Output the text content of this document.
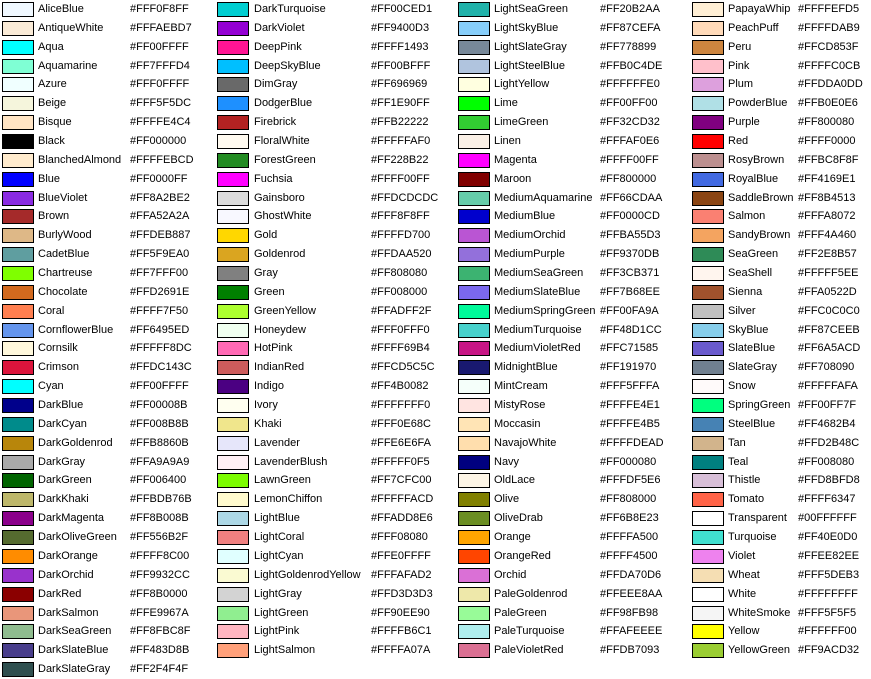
AliceBlue	#FFF0F8FF
AntiqueWhite #FFFAEBD7
Aqua	#FF00FFFF
Aquamarine	#FF7FFFD4
Azure	#FFF0FFFF
Beige	#FFF5F5DC
Bisque	#FFFFE4C4
Black	#FF000000
BlanchedAlmond #FFFFEBCD
Blue	#FF0000FF
BlueViolet	#FF8A2BE2
Brown	#FFA52A2A
BurlyWood	#FFDEB887
CadetBlue	#FF5F9EA0
Chartreuse	#FF7FFF00
Chocolate	#FFD2691E
Coral	#FFFF7F50
CornflowerBlue #FF6495ED
Cornsilk	#FFFFF8DC
Crimson	#FFDC143C
Cyan	#FF00FFFF
DarkBlue	#FF00008B
DarkCyan	#FF008B8B
DarkGoldenrod #FFB8860B
DarkGray	#FFA9A9A9
DarkGreen	#FF006400
DarkKhaki	#FFBDB76B
DarkMagenta #FF8B008B
DarkOliveGreen #FF556B2F
DarkOrange	#FFFF8C00
DarkOrchid	#FF9932CC
DarkRed	#FF8B0000
DarkSalmon	#FFE9967A
DarkSeaGreen #FF8FBC8F
DarkSlateBlue #FF483D8B
DarkSlateGray #FF2F4F4F
DarkTurquoise	#FF00CED1
DarkViolet	#FF9400D3
DeepPink	#FFFF1493
DeepSkyBlue	#FF00BFFF
DimGray	#FF696969
DodgerBlue	#FF1E90FF
Firebrick	#FFB22222
FloralWhite	#FFFFFAF0
ForestGreen	#FF228B22
Fuchsia	#FFFF00FF
Gainsboro	#FFDCDCDC
GhostWhite	#FFF8F8FF
Gold	#FFFFD700
Goldenrod	#FFDAA520
Gray	#FF808080
Green	#FF008000
GreenYellow	#FFADFF2F
Honeydew	#FFF0FFF0
HotPink	#FFFF69B4
IndianRed	#FFCD5C5C
Indigo	#FF4B0082
Ivory	#FFFFFFF0
Khaki	#FFF0E68C
Lavender	#FFE6E6FA
LavenderBlush	#FFFFF0F5
LawnGreen	#FF7CFC00
LemonChiffon	#FFFFFACD
LightBlue	#FFADD8E6
LightCoral	#FFF08080
LightCyan	#FFE0FFFF
LightGoldenrodYellow #FFFAFAD2
LightGray	#FFD3D3D3
LightGreen	#FF90EE90
LightPink	#FFFFB6C1
LightSalmon	#FFFFA07A
LightSeaGreen	#FF20B2AA
LightSkyBlue	#FF87CEFA
LightSlateGray	#FF778899
LightSteelBlue	#FFB0C4DE
LightYellow	#FFFFFFE0
Lime	#FF00FF00
LimeGreen	#FF32CD32
Linen	#FFFAF0E6
Magenta	#FFFF00FF
Maroon	#FF800000
MediumAquamarine #FF66CDAA
MediumBlue	#FF0000CD
MediumOrchid	#FFBA55D3
MediumPurple	#FF9370DB
MediumSeaGreen #FF3CB371
MediumSlateBlue #FF7B68EE
MediumSpringGreen #FF00FA9A
MediumTurquoise #FF48D1CC
MediumVioletRed #FFC71585
MidnightBlue	#FF191970
MintCream	#FFF5FFFA
MistyRose	#FFFFE4E1
Moccasin	#FFFFE4B5
NavajoWhite	#FFFFDEAD
Navy	#FF000080
OldLace	#FFFDF5E6
Olive	#FF808000
OliveDrab	#FF6B8E23
Orange	#FFFFA500
OrangeRed	#FFFF4500
Orchid	#FFDA70D6
PaleGoldenrod	#FFEEE8AA
PaleGreen	#FF98FB98
PaleTurquoise	#FFAFEEEE
PaleVioletRed	#FFDB7093
PapayaWhip #FFFFEFD5
PeachPuff #FFFFDAB9
Peru	#FFCD853F
Pink	#FFFFC0CB
Plum	#FFDDA0DD
PowderBlue #FFB0E0E6
Purple	#FF800080
Red	#FFFF0000
RosyBrown #FFBC8F8F
RoyalBlue #FF4169E1
SaddleBrown #FF8B4513
Salmon	#FFFA8072
SandyBrown #FFF4A460
SeaGreen #FF2E8B57
SeaShell #FFFFF5EE
Sienna	#FFA0522D
Silver	#FFC0C0C0
SkyBlue	#FF87CEEB
SlateBlue #FF6A5ACD
SlateGray #FF708090
Snow	#FFFFFAFA
SpringGreen #FF00FF7F
SteelBlue #FF4682B4
Tan	#FFD2B48C
Teal	#FF008080
Thistle	#FFD8BFD8
Tomato	#FFFF6347
Transparent #00FFFFFF
Turquoise #FF40E0D0
Violet	#FFEE82EE
Wheat	#FFF5DEB3
White	#FFFFFFFF
WhiteSmoke #FFF5F5F5
Yellow	#FFFFFF00
YellowGreen #FF9ACD32
